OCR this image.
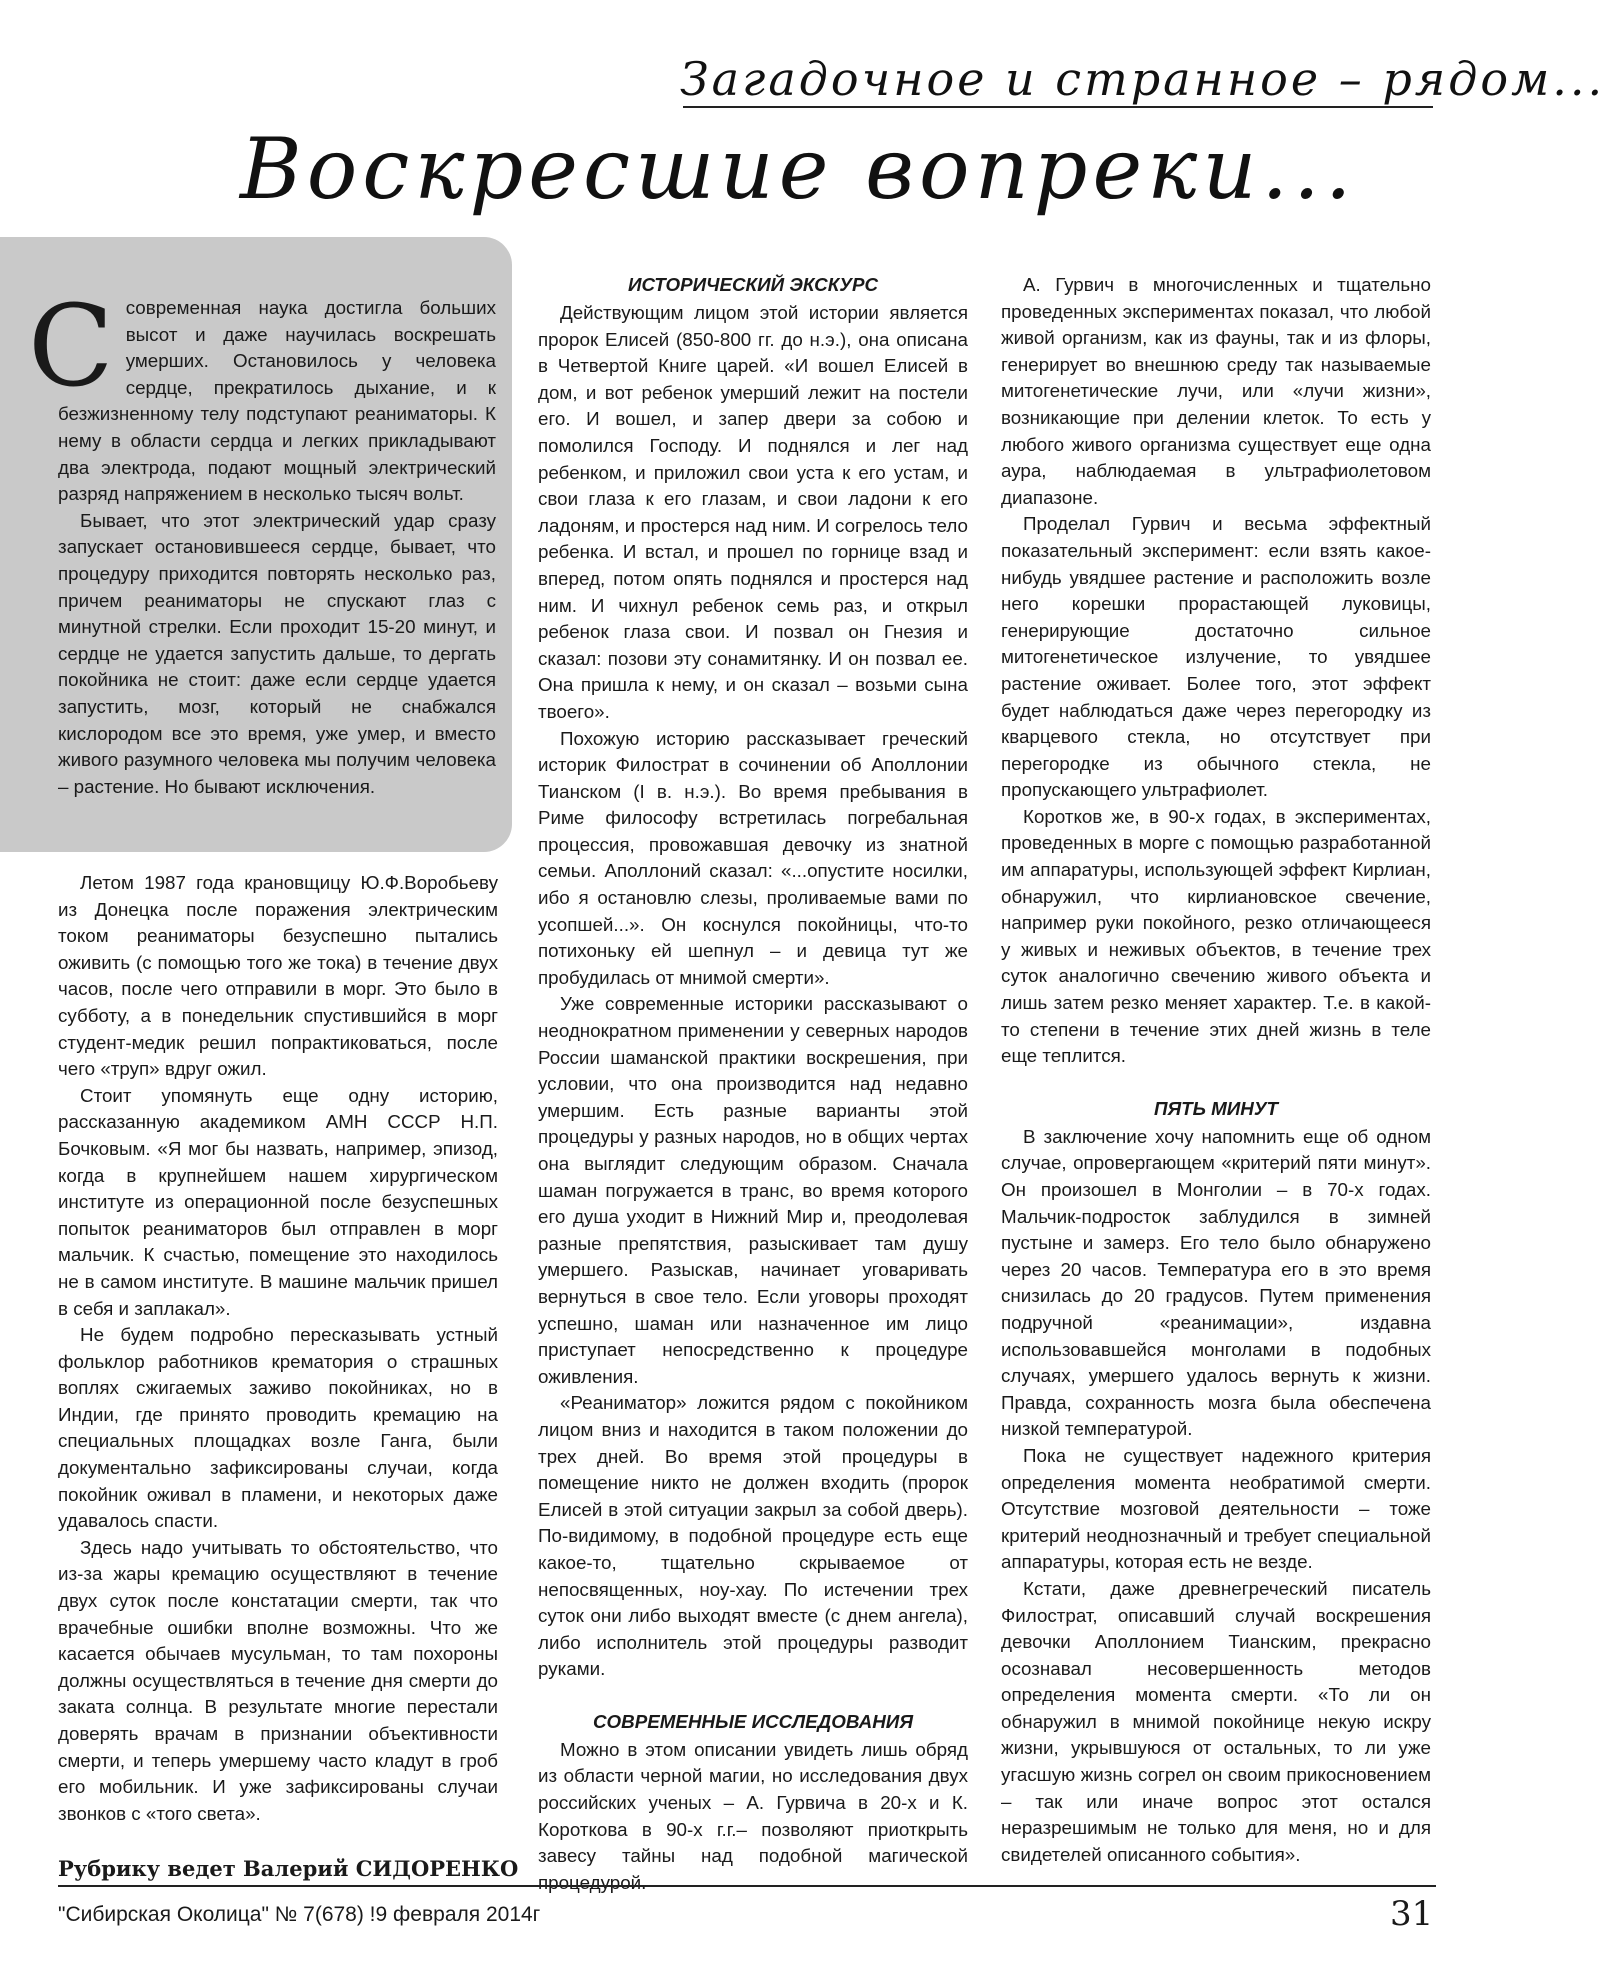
Загадочное и странное – рядом...
Воскресшие вопреки...

Ссовременная наука достигла больших высот и даже научилась воскрешать умерших. Остановилось у человека сердце, прекратилось дыхание, и к безжизненному телу подступают реаниматоры. К нему в области сердца и легких прикладывают два электрода, подают мощный электрический разряд напряжением в несколько тысяч вольт.

Бывает, что этот электрический удар сразу запускает остановившееся сердце, бывает, что процедуру приходится повторять несколько раз, причем реаниматоры не спускают глаз с минутной стрелки. Если проходит 15-20 минут, и сердце не удается запустить дальше, то дергать покойника не стоит: даже если сердце удается запустить, мозг, который не снабжался кислородом все это время, уже умер, и вместо живого разумного человека мы получим человека – растение. Но бывают исключения.

Летом 1987 года крановщицу Ю.Ф.Воробьеву из Донецка после поражения электрическим током реаниматоры безуспешно пытались оживить (с помощью того же тока) в течение двух часов, после чего отправили в морг. Это было в субботу, а в понедельник спустившийся в морг студент-медик решил попрактиковаться, после чего «труп» вдруг ожил.

Стоит упомянуть еще одну историю, рассказанную академиком АМН СССР Н.П. Бочковым. «Я мог бы назвать, например, эпизод, когда в крупнейшем нашем хирургическом институте из операционной после безуспешных попыток реаниматоров был отправлен в морг мальчик. К счастью, помещение это находилось не в самом институте. В машине мальчик пришел в себя и заплакал».

Не будем подробно пересказывать устный фольклор работников крематория о страшных воплях сжигаемых заживо покойниках, но в Индии, где принято проводить кремацию на специальных площадках возле Ганга, были документально зафиксированы случаи, когда покойник оживал в пламени, и некоторых даже удавалось спасти.

Здесь надо учитывать то обстоятельство, что из-за жары кремацию осуществляют в течение двух суток после констатации смерти, так что врачебные ошибки вполне возможны. Что же касается обычаев мусульман, то там похороны должны осуществляться в течение дня смерти до заката солнца. В результате многие перестали доверять врачам в признании объективности смерти, и теперь умершему часто кладут в гроб его мобильник. И уже зафиксированы случаи звонков с «того света».

ИСТОРИЧЕСКИЙ ЭКСКУРС

Действующим лицом этой истории является пророк Елисей (850-800 гг. до н.э.), она описана в Четвертой Книге царей. «И вошел Елисей в дом, и вот ребенок умерший лежит на постели его. И вошел, и запер двери за собою и помолился Господу. И поднялся и лег над ребенком, и приложил свои уста к его устам, и свои глаза к его глазам, и свои ладони к его ладоням, и простерся над ним. И согрелось тело ребенка. И встал, и прошел по горнице взад и вперед, потом опять поднялся и простерся над ним. И чихнул ребенок семь раз, и открыл ребенок глаза свои. И позвал он Гнезия и сказал: позови эту сонамитянку. И он позвал ее. Она пришла к нему, и он сказал – возьми сына твоего».

Похожую историю рассказывает греческий историк Филострат в сочинении об Аполлонии Тианском (I в. н.э.). Во время пребывания в Риме философу встретилась погребальная процессия, провожавшая девочку из знатной семьи. Аполлоний сказал: «...опустите носилки, ибо я остановлю слезы, проливаемые вами по усопшей...». Он коснулся покойницы, что-то потихоньку ей шепнул – и девица тут же пробудилась от мнимой смерти».

Уже современные историки рассказывают о неоднократном применении у северных народов России шаманской практики воскрешения, при условии, что она производится над недавно умершим. Есть разные варианты этой процедуры у разных народов, но в общих чертах она выглядит следующим образом. Сначала шаман погружается в транс, во время которого его душа уходит в Нижний Мир и, преодолевая разные препятствия, разыскивает там душу умершего. Разыскав, начинает уговаривать вернуться в свое тело. Если уговоры проходят успешно, шаман или назначенное им лицо приступает непосредственно к процедуре оживления.

«Реаниматор» ложится рядом с покойником лицом вниз и находится в таком положении до трех дней. Во время этой процедуры в помещение никто не должен входить (пророк Елисей в этой ситуации закрыл за собой дверь). По-видимому, в подобной процедуре есть еще какое-то, тщательно скрываемое от непосвященных, ноу-хау. По истечении трех суток они либо выходят вместе (с днем ангела), либо исполнитель этой процедуры разводит руками.

СОВРЕМЕННЫЕ ИССЛЕДОВАНИЯ

Можно в этом описании увидеть лишь обряд из области черной магии, но исследования двух российских ученых – А. Гурвича в 20-х и К. Короткова в 90-х г.г.– позволяют приоткрыть завесу тайны над подобной магической процедурой.

А. Гурвич в многочисленных и тщательно проведенных экспериментах показал, что любой живой организм, как из фауны, так и из флоры, генерирует во внешнюю среду так называемые митогенетические лучи, или «лучи жизни», возникающие при делении клеток. То есть у любого живого организма существует еще одна аура, наблюдаемая в ультрафиолетовом диапазоне.

Проделал Гурвич и весьма эффектный показательный эксперимент: если взять какое-нибудь увядшее растение и расположить возле него корешки прорастающей луковицы, генерирующие достаточно сильное митогенетическое излучение, то увядшее растение оживает. Более того, этот эффект будет наблюдаться даже через перегородку из кварцевого стекла, но отсутствует при перегородке из обычного стекла, не пропускающего ультрафиолет.

Коротков же, в 90-х годах, в экспериментах, проведенных в морге с помощью разработанной им аппаратуры, использующей эффект Кирлиан, обнаружил, что кирлиановское свечение, например руки покойного, резко отличающееся у живых и неживых объектов, в течение трех суток аналогично свечению живого объекта и лишь затем резко меняет характер. Т.е. в какой-то степени в течение этих дней жизнь в теле еще теплится.

ПЯТЬ МИНУТ

В заключение хочу напомнить еще об одном случае, опровергающем «критерий пяти минут». Он произошел в Монголии – в 70-х годах. Мальчик-подросток заблудился в зимней пустыне и замерз. Его тело было обнаружено через 20 часов. Температура его в это время снизилась до 20 градусов. Путем применения подручной «реанимации», издавна использовавшейся монголами в подобных случаях, умершего удалось вернуть к жизни. Правда, сохранность мозга была обеспечена низкой температурой.

Пока не существует надежного критерия определения момента необратимой смерти. Отсутствие мозговой деятельности – тоже критерий неоднозначный и требует специальной аппаратуры, которая есть не везде.

Кстати, даже древнегреческий писатель Филострат, описавший случай воскрешения девочки Аполлонием Тианским, прекрасно осознавал несовершенность методов определения момента смерти. «То ли он обнаружил в мнимой покойнице некую искру жизни, укрывшуюся от остальных, то ли уже угасшую жизнь согрел он своим прикосновением – так или иначе вопрос этот остался неразрешимым не только для меня, но и для свидетелей описанного события».

Рубрику ведет Валерий СИДОРЕНКО
"Сибирская Околица" № 7(678) !9 февраля 2014г	31
